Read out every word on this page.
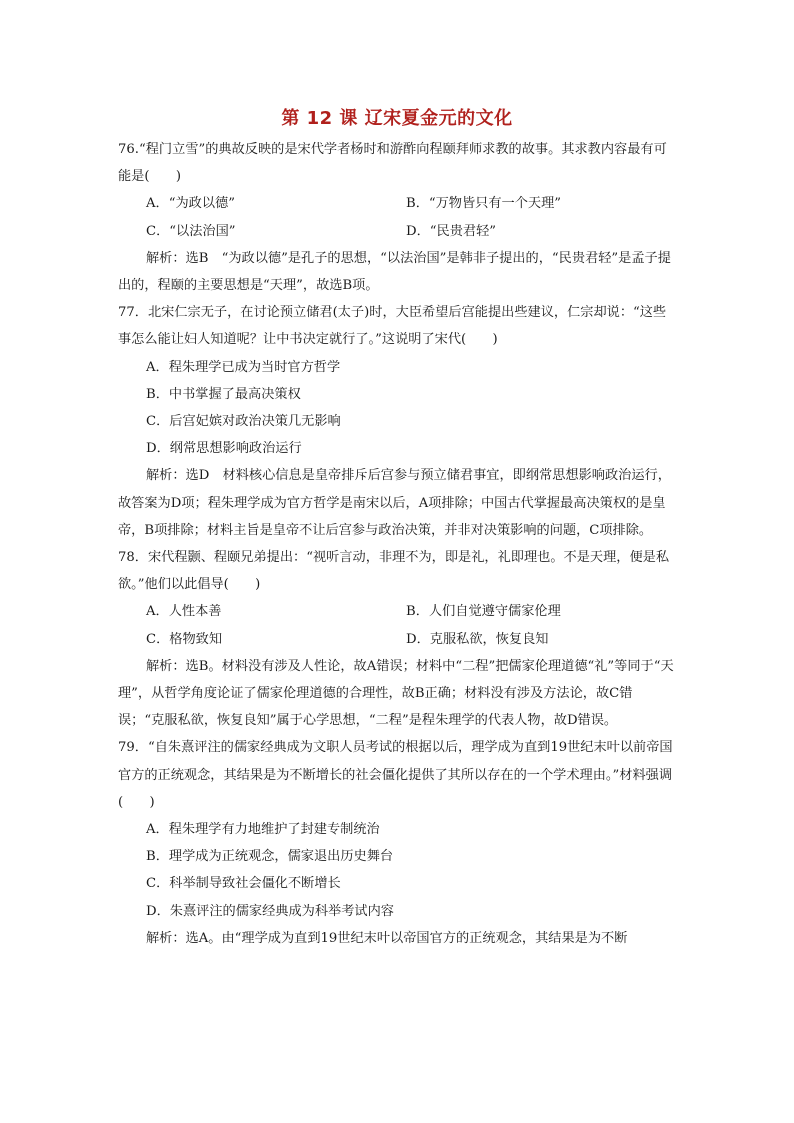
第 12 课 辽宋夏金元的文化

76.“程门立雪”的典故反映的是宋代学者杨时和游酢向程颐拜师求教的故事。其求教内容最有可能是(　　)

A．“为政以德”	B．“万物皆只有一个天理”
C．“以法治国”	D．“民贵君轻”

解析：选B　“为政以德”是孔子的思想，“以法治国”是韩非子提出的，“民贵君轻”是孟子提出的，程颐的主要思想是“天理”，故选B项。

77．北宋仁宗无子，在讨论预立储君(太子)时，大臣希望后宫能提出些建议，仁宗却说：“这些事怎么能让妇人知道呢？让中书决定就行了。”这说明了宋代(　　)

A．程朱理学已成为当时官方哲学

B．中书掌握了最高决策权

C．后宫妃嫔对政治决策几无影响

D．纲常思想影响政治运行

解析：选D　材料核心信息是皇帝排斥后宫参与预立储君事宜，即纲常思想影响政治运行，故答案为D项；程朱理学成为官方哲学是南宋以后，A项排除；中国古代掌握最高决策权的是皇帝，B项排除；材料主旨是皇帝不让后宫参与政治决策，并非对决策影响的问题，C项排除。

78．宋代程颢、程颐兄弟提出：“视听言动，非理不为，即是礼，礼即理也。不是天理，便是私欲。”他们以此倡导(　　)

A．人性本善	B．人们自觉遵守儒家伦理
C．格物致知	D．克服私欲，恢复良知

解析：选B。材料没有涉及人性论，故A错误；材料中“二程”把儒家伦理道德“礼”等同于“天理”，从哲学角度论证了儒家伦理道德的合理性，故B正确；材料没有涉及方法论，故C错误；“克服私欲，恢复良知”属于心学思想，“二程”是程朱理学的代表人物，故D错误。

79．“自朱熹评注的儒家经典成为文职人员考试的根据以后，理学成为直到19世纪末叶以前帝国官方的正统观念，其结果是为不断增长的社会僵化提供了其所以存在的一个学术理由。”材料强调(　　)

A．程朱理学有力地维护了封建专制统治

B．理学成为正统观念，儒家退出历史舞台

C．科举制导致社会僵化不断增长

D．朱熹评注的儒家经典成为科举考试内容

解析：选A。由“理学成为直到19世纪末叶以帝国官方的正统观念，其结果是为不断
